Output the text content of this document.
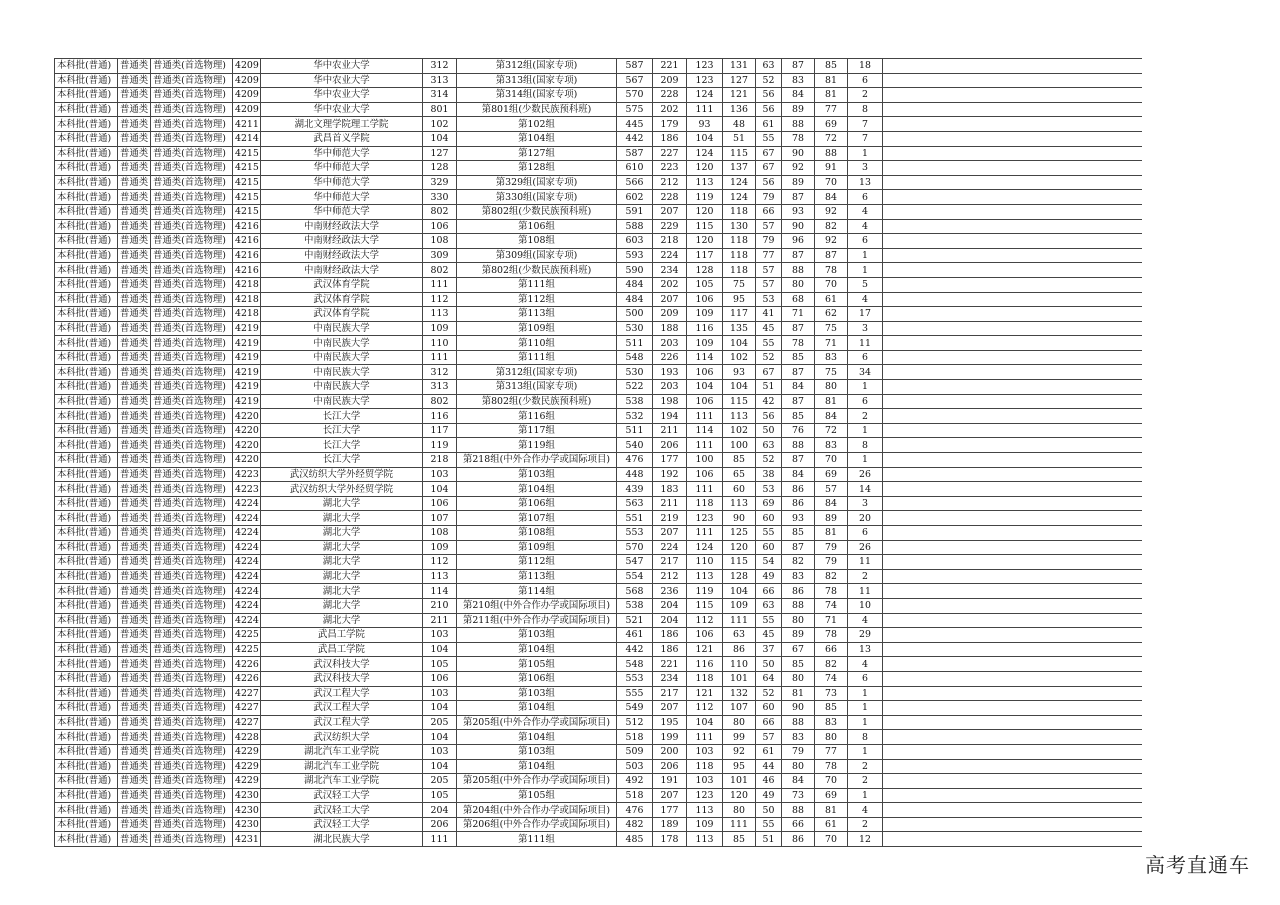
本科批(普通)	普通类	普通类(首选物理)	4209	华中农业大学	312	第312组(国家专项)	587	221	123	131	63	87	85	18	
本科批(普通)	普通类	普通类(首选物理)	4209	华中农业大学	313	第313组(国家专项)	567	209	123	127	52	83	81	6	
本科批(普通)	普通类	普通类(首选物理)	4209	华中农业大学	314	第314组(国家专项)	570	228	124	121	56	84	81	2	
本科批(普通)	普通类	普通类(首选物理)	4209	华中农业大学	801	第801组(少数民族预科班)	575	202	111	136	56	89	77	8	
本科批(普通)	普通类	普通类(首选物理)	4211	湖北文理学院理工学院	102	第102组	445	179	93	48	61	88	69	7	
本科批(普通)	普通类	普通类(首选物理)	4214	武昌首义学院	104	第104组	442	186	104	51	55	78	72	7	
本科批(普通)	普通类	普通类(首选物理)	4215	华中师范大学	127	第127组	587	227	124	115	67	90	88	1	
本科批(普通)	普通类	普通类(首选物理)	4215	华中师范大学	128	第128组	610	223	120	137	67	92	91	3	
本科批(普通)	普通类	普通类(首选物理)	4215	华中师范大学	329	第329组(国家专项)	566	212	113	124	56	89	70	13	
本科批(普通)	普通类	普通类(首选物理)	4215	华中师范大学	330	第330组(国家专项)	602	228	119	124	79	87	84	6	
本科批(普通)	普通类	普通类(首选物理)	4215	华中师范大学	802	第802组(少数民族预科班)	591	207	120	118	66	93	92	4	
本科批(普通)	普通类	普通类(首选物理)	4216	中南财经政法大学	106	第106组	588	229	115	130	57	90	82	4	
本科批(普通)	普通类	普通类(首选物理)	4216	中南财经政法大学	108	第108组	603	218	120	118	79	96	92	6	
本科批(普通)	普通类	普通类(首选物理)	4216	中南财经政法大学	309	第309组(国家专项)	593	224	117	118	77	87	87	1	
本科批(普通)	普通类	普通类(首选物理)	4216	中南财经政法大学	802	第802组(少数民族预科班)	590	234	128	118	57	88	78	1	
本科批(普通)	普通类	普通类(首选物理)	4218	武汉体育学院	111	第111组	484	202	105	75	57	80	70	5	
本科批(普通)	普通类	普通类(首选物理)	4218	武汉体育学院	112	第112组	484	207	106	95	53	68	61	4	
本科批(普通)	普通类	普通类(首选物理)	4218	武汉体育学院	113	第113组	500	209	109	117	41	71	62	17	
本科批(普通)	普通类	普通类(首选物理)	4219	中南民族大学	109	第109组	530	188	116	135	45	87	75	3	
本科批(普通)	普通类	普通类(首选物理)	4219	中南民族大学	110	第110组	511	203	109	104	55	78	71	11	
本科批(普通)	普通类	普通类(首选物理)	4219	中南民族大学	111	第111组	548	226	114	102	52	85	83	6	
本科批(普通)	普通类	普通类(首选物理)	4219	中南民族大学	312	第312组(国家专项)	530	193	106	93	67	87	75	34	
本科批(普通)	普通类	普通类(首选物理)	4219	中南民族大学	313	第313组(国家专项)	522	203	104	104	51	84	80	1	
本科批(普通)	普通类	普通类(首选物理)	4219	中南民族大学	802	第802组(少数民族预科班)	538	198	106	115	42	87	81	6	
本科批(普通)	普通类	普通类(首选物理)	4220	长江大学	116	第116组	532	194	111	113	56	85	84	2	
本科批(普通)	普通类	普通类(首选物理)	4220	长江大学	117	第117组	511	211	114	102	50	76	72	1	
本科批(普通)	普通类	普通类(首选物理)	4220	长江大学	119	第119组	540	206	111	100	63	88	83	8	
本科批(普通)	普通类	普通类(首选物理)	4220	长江大学	218	第218组(中外合作办学或国际项目)	476	177	100	85	52	87	70	1	
本科批(普通)	普通类	普通类(首选物理)	4223	武汉纺织大学外经贸学院	103	第103组	448	192	106	65	38	84	69	26	
本科批(普通)	普通类	普通类(首选物理)	4223	武汉纺织大学外经贸学院	104	第104组	439	183	111	60	53	86	57	14	
本科批(普通)	普通类	普通类(首选物理)	4224	湖北大学	106	第106组	563	211	118	113	69	86	84	3	
本科批(普通)	普通类	普通类(首选物理)	4224	湖北大学	107	第107组	551	219	123	90	60	93	89	20	
本科批(普通)	普通类	普通类(首选物理)	4224	湖北大学	108	第108组	553	207	111	125	55	85	81	6	
本科批(普通)	普通类	普通类(首选物理)	4224	湖北大学	109	第109组	570	224	124	120	60	87	79	26	
本科批(普通)	普通类	普通类(首选物理)	4224	湖北大学	112	第112组	547	217	110	115	54	82	79	11	
本科批(普通)	普通类	普通类(首选物理)	4224	湖北大学	113	第113组	554	212	113	128	49	83	82	2	
本科批(普通)	普通类	普通类(首选物理)	4224	湖北大学	114	第114组	568	236	119	104	66	86	78	11	
本科批(普通)	普通类	普通类(首选物理)	4224	湖北大学	210	第210组(中外合作办学或国际项目)	538	204	115	109	63	88	74	10	
本科批(普通)	普通类	普通类(首选物理)	4224	湖北大学	211	第211组(中外合作办学或国际项目)	521	204	112	111	55	80	71	4	
本科批(普通)	普通类	普通类(首选物理)	4225	武昌工学院	103	第103组	461	186	106	63	45	89	78	29	
本科批(普通)	普通类	普通类(首选物理)	4225	武昌工学院	104	第104组	442	186	121	86	37	67	66	13	
本科批(普通)	普通类	普通类(首选物理)	4226	武汉科技大学	105	第105组	548	221	116	110	50	85	82	4	
本科批(普通)	普通类	普通类(首选物理)	4226	武汉科技大学	106	第106组	553	234	118	101	64	80	74	6	
本科批(普通)	普通类	普通类(首选物理)	4227	武汉工程大学	103	第103组	555	217	121	132	52	81	73	1	
本科批(普通)	普通类	普通类(首选物理)	4227	武汉工程大学	104	第104组	549	207	112	107	60	90	85	1	
本科批(普通)	普通类	普通类(首选物理)	4227	武汉工程大学	205	第205组(中外合作办学或国际项目)	512	195	104	80	66	88	83	1	
本科批(普通)	普通类	普通类(首选物理)	4228	武汉纺织大学	104	第104组	518	199	111	99	57	83	80	8	
本科批(普通)	普通类	普通类(首选物理)	4229	湖北汽车工业学院	103	第103组	509	200	103	92	61	79	77	1	
本科批(普通)	普通类	普通类(首选物理)	4229	湖北汽车工业学院	104	第104组	503	206	118	95	44	80	78	2	
本科批(普通)	普通类	普通类(首选物理)	4229	湖北汽车工业学院	205	第205组(中外合作办学或国际项目)	492	191	103	101	46	84	70	2	
本科批(普通)	普通类	普通类(首选物理)	4230	武汉轻工大学	105	第105组	518	207	123	120	49	73	69	1	
本科批(普通)	普通类	普通类(首选物理)	4230	武汉轻工大学	204	第204组(中外合作办学或国际项目)	476	177	113	80	50	88	81	4	
本科批(普通)	普通类	普通类(首选物理)	4230	武汉轻工大学	206	第206组(中外合作办学或国际项目)	482	189	109	111	55	66	61	2	
本科批(普通)	普通类	普通类(首选物理)	4231	湖北民族大学	111	第111组	485	178	113	85	51	86	70	12	
高考直通车
